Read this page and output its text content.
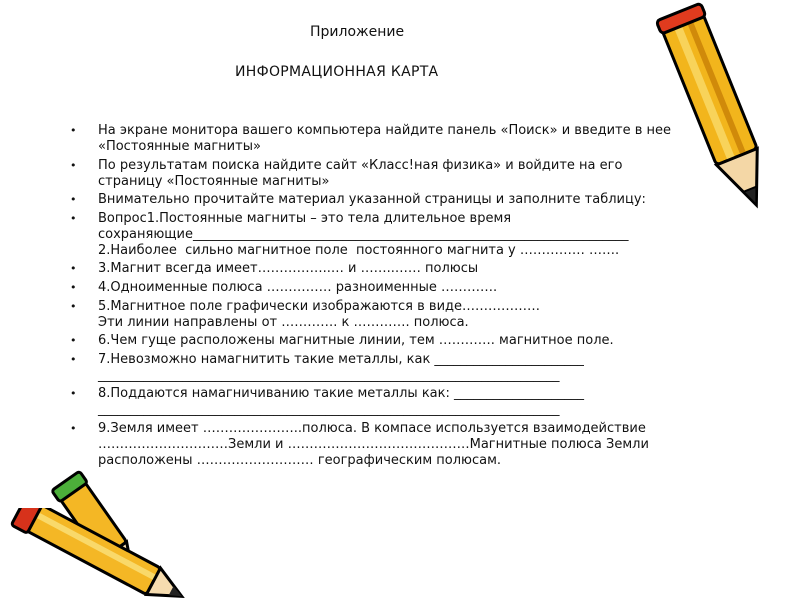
Приложение
ИНФОРМАЦИОННАЯ КАРТА
• На экране монитора вашего компьютера найдите панель «Поиск» и введите в нее
«Постоянные магниты»
• По результатам поиска найдите сайт «Класс!ная физика» и войдите на его
страницу «Постоянные магниты»
• Внимательно прочитайте материал указанной страницы и заполните таблицу:
• Вопрос1.Постоянные магниты – это тела длительное время
сохраняющие___________________________________________________________________
2.Наиболее  сильно магнитное поле  постоянного магнита у …………… …….
• 3.Магнит всегда имеет……………..… и ……..…… полюсы
• 4.Одноименные полюса …………… разноименные ………….
• 5.Магнитное поле графически изображаются в виде………………
Эти линии направлены от …………. к …………. полюса.
• 6.Чем гуще расположены магнитные линии, тем …………. магнитное поле.
• 7.Невозможно намагнитить такие металлы, как _______________________
_______________________________________________________________________
• 8.Поддаются намагничиванию такие металлы как: ____________________
_______________________________________________________________________
• 9.Земля имеет …………………..полюса. В компасе используется взаимодействие
…………………………Земли и ……………………………………Магнитные полюса Земли
расположены ……………………… географическим полюсам.
